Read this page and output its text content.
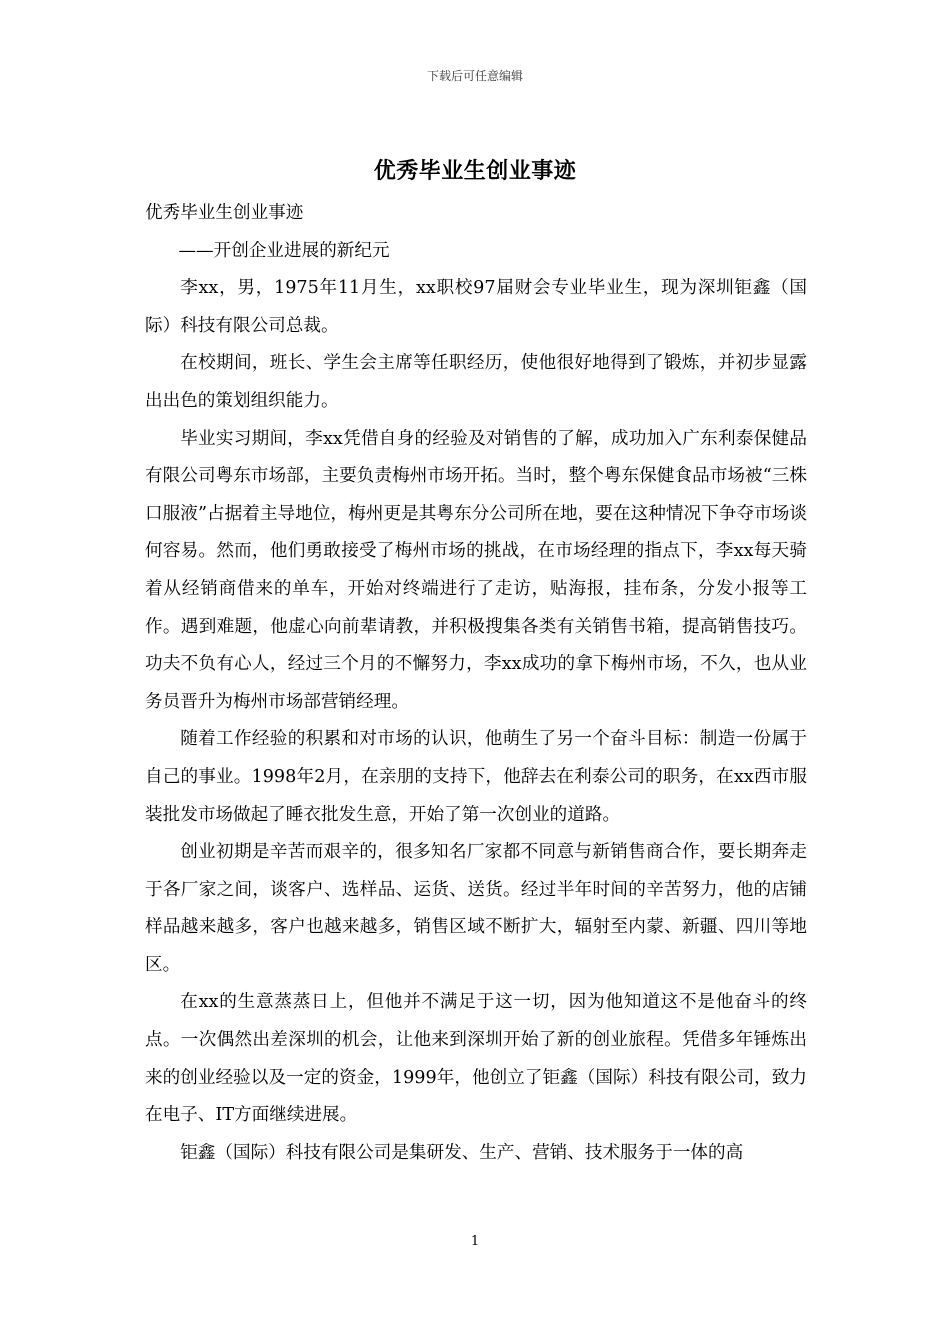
下载后可任意编辑
优秀毕业生创业事迹

优秀毕业生创业事迹

——开创企业进展的新纪元

李xx，男，1975年11月生，xx职校97届财会专业毕业生，现为深圳钜鑫（国际）科技有限公司总裁。

在校期间，班长、学生会主席等任职经历，使他很好地得到了锻炼，并初步显露出出色的策划组织能力。

毕业实习期间，李xx凭借自身的经验及对销售的了解，成功加入广东利泰保健品有限公司粤东市场部，主要负责梅州市场开拓。当时，整个粤东保健食品市场被“三株口服液”占据着主导地位，梅州更是其粤东分公司所在地，要在这种情况下争夺市场谈何容易。然而，他们勇敢接受了梅州市场的挑战，在市场经理的指点下，李xx每天骑着从经销商借来的单车，开始对终端进行了走访，贴海报，挂布条，分发小报等工作。遇到难题，他虚心向前辈请教，并积极搜集各类有关销售书箱，提高销售技巧。功夫不负有心人，经过三个月的不懈努力，李xx成功的拿下梅州市场，不久，也从业务员晋升为梅州市场部营销经理。

随着工作经验的积累和对市场的认识，他萌生了另一个奋斗目标：制造一份属于自己的事业。1998年2月，在亲朋的支持下，他辞去在利泰公司的职务，在xx西市服装批发市场做起了睡衣批发生意，开始了第一次创业的道路。

创业初期是辛苦而艰辛的，很多知名厂家都不同意与新销售商合作，要长期奔走于各厂家之间，谈客户、选样品、运货、送货。经过半年时间的辛苦努力，他的店铺样品越来越多，客户也越来越多，销售区域不断扩大，辐射至内蒙、新疆、四川等地区。

在xx的生意蒸蒸日上，但他并不满足于这一切，因为他知道这不是他奋斗的终点。一次偶然出差深圳的机会，让他来到深圳开始了新的创业旅程。凭借多年锤炼出来的创业经验以及一定的资金，1999年，他创立了钜鑫（国际）科技有限公司，致力在电子、IT方面继续进展。

钜鑫（国际）科技有限公司是集研发、生产、营销、技术服务于一体的高

1
